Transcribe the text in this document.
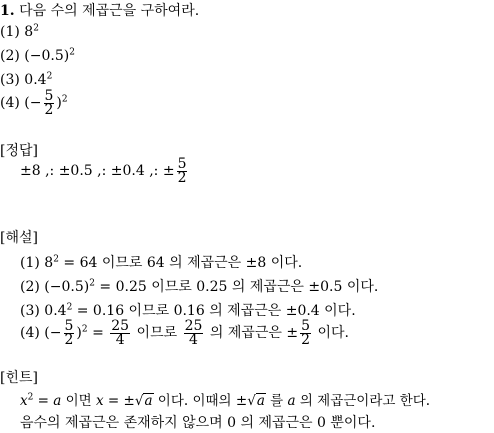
1. 다음 수의 제곱근을 구하여라.
(1) $8^2$
(2) $(-0.5)^2$
(3) $0.4^2$
(4) (− $\frac{5}{2} )^2$
[정답]
±8 ,: ±0.5 ,: ±0.4 ,: ± $\frac{5}{2}$
[해설]
(1) $8^2 = 64$ 이므로 64 의 제곱근은 ±8 이다.
(2) $(-0.5)^2 = 0.25$ 이므로 0.25 의 제곱근은 ±0.5 이다.
(3) $0.4^2 = 0.16$ 이므로 0.16 의 제곱근은 ±0.4 이다.
(4) (− $\frac{5}{2} )^2 = \frac{25}{4}$ 이므로 $\frac{25}{4}$ 의 제곱근은 ± $\frac{5}{2}$ 이다.
[힌트]
$x^2 = a$ 이면 x = ±√a 이다. 이때의 ±√a 를 a 의 제곱근이라고 한다.
음수의 제곱근은 존재하지 않으며 0 의 제곱근은 0 뿐이다.
